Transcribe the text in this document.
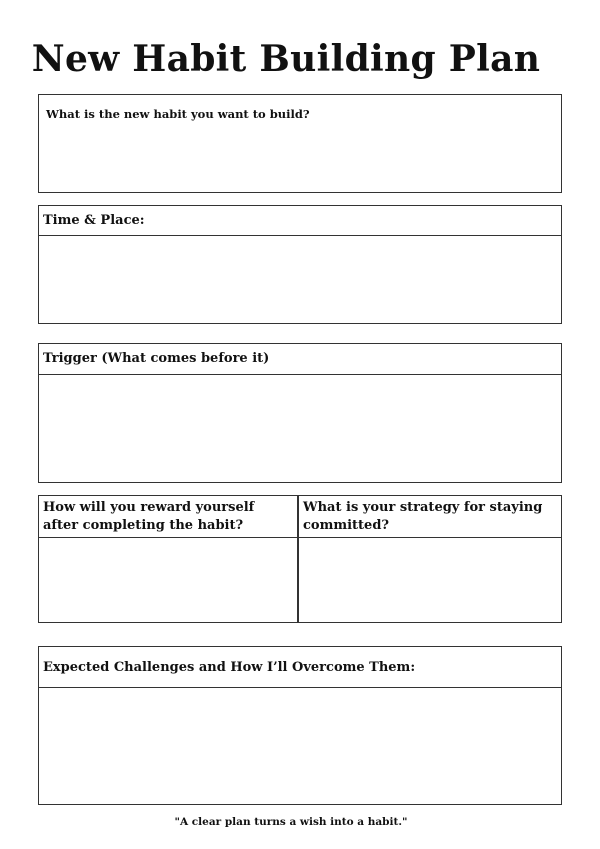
New Habit Building Plan
What is the new habit you want to build?
Time & Place:
Trigger (What comes before it)
How will you reward yourself after completing the habit?
What is your strategy for staying committed?
Expected Challenges and How I’ll Overcome Them:
"A clear plan turns a wish into a habit."
